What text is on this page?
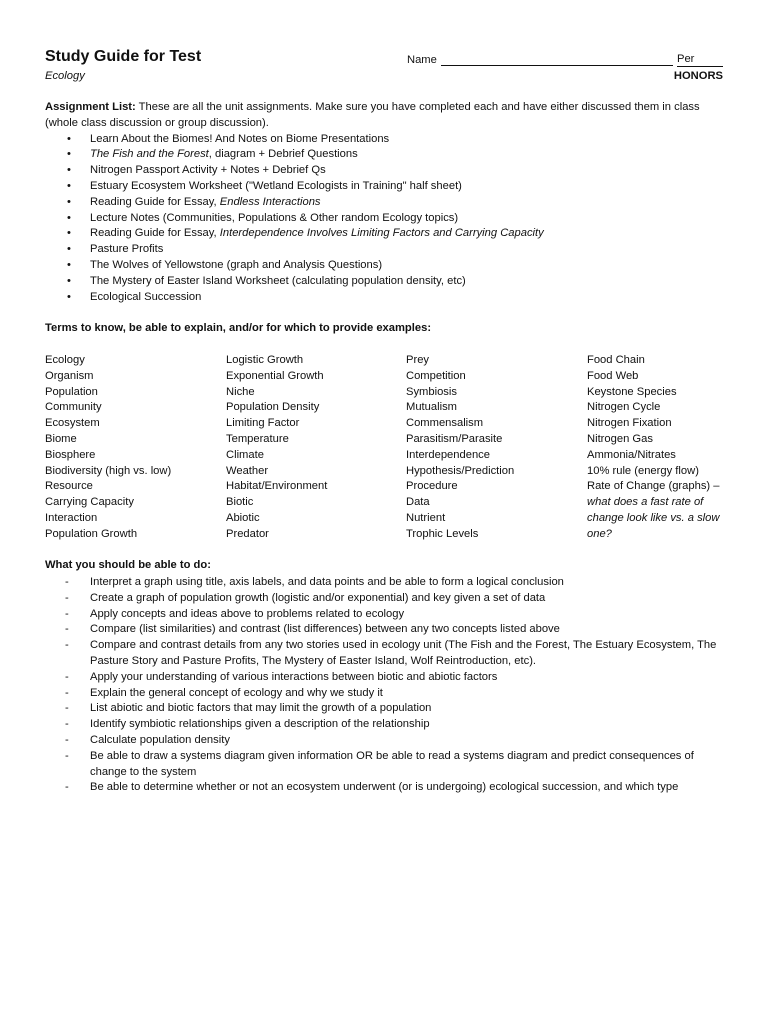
Study Guide for Test
Ecology
Name	Per
HONORS
Assignment List: These are all the unit assignments. Make sure you have completed each and have either discussed them in class (whole class discussion or group discussion).
• Learn About the Biomes! And Notes on Biome Presentations
• The Fish and the Forest, diagram + Debrief Questions
• Nitrogen Passport Activity + Notes + Debrief Qs
• Estuary Ecosystem Worksheet ("Wetland Ecologists in Training" half sheet)
• Reading Guide for Essay, Endless Interactions
• Lecture Notes (Communities, Populations & Other random Ecology topics)
• Reading Guide for Essay, Interdependence Involves Limiting Factors and Carrying Capacity
• Pasture Profits
• The Wolves of Yellowstone (graph and Analysis Questions)
• The Mystery of Easter Island Worksheet (calculating population density, etc)
• Ecological Succession
Terms to know, be able to explain, and/or for which to provide examples:
Ecology
Organism
Population
Community
Ecosystem
Biome
Biosphere
Biodiversity (high vs. low)
Resource
Carrying Capacity
Interaction
Population Growth
Logistic Growth
Exponential Growth
Niche
Population Density
Limiting Factor
Temperature
Climate
Weather
Habitat/Environment
Biotic
Abiotic
Predator
Prey
Competition
Symbiosis
Mutualism
Commensalism
Parasitism/Parasite
Interdependence
Hypothesis/Prediction
Procedure
Data
Nutrient
Trophic Levels
Food Chain
Food Web
Keystone Species
Nitrogen Cycle
Nitrogen Fixation
Nitrogen Gas
Ammonia/Nitrates
10% rule (energy flow)
Rate of Change (graphs) – what does a fast rate of change look like vs. a slow one?
What you should be able to do:
- Interpret a graph using title, axis labels, and data points and be able to form a logical conclusion
- Create a graph of population growth (logistic and/or exponential) and key given a set of data
- Apply concepts and ideas above to problems related to ecology
- Compare (list similarities) and contrast (list differences) between any two concepts listed above
- Compare and contrast details from any two stories used in ecology unit (The Fish and the Forest, The Estuary Ecosystem, The Pasture Story and Pasture Profits, The Mystery of Easter Island, Wolf Reintroduction, etc).
- Apply your understanding of various interactions between biotic and abiotic factors
- Explain the general concept of ecology and why we study it
- List abiotic and biotic factors that may limit the growth of a population
- Identify symbiotic relationships given a description of the relationship
- Calculate population density
- Be able to draw a systems diagram given information OR be able to read a systems diagram and predict consequences of change to the system
- Be able to determine whether or not an ecosystem underwent (or is undergoing) ecological succession, and which type
